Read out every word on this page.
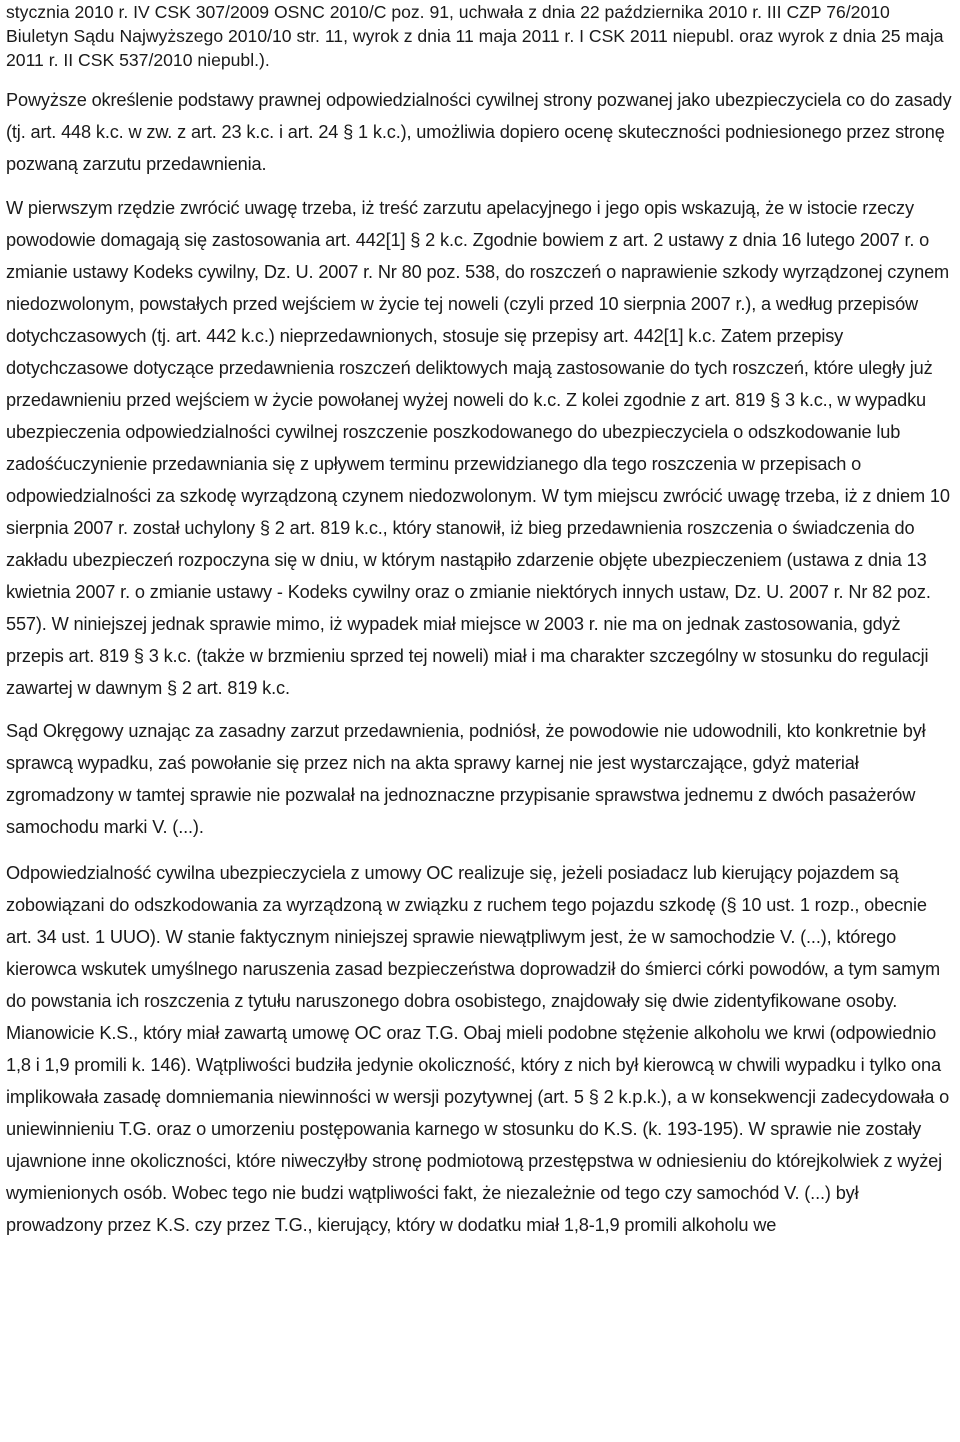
stycznia 2010 r. IV CSK 307/2009 OSNC 2010/C poz. 91, uchwała z dnia 22 października 2010 r. III CZP 76/2010 Biuletyn Sądu Najwyższego 2010/10 str. 11, wyrok z dnia 11 maja 2011 r. I CSK 2011 niepubl. oraz wyrok z dnia 25 maja 2011 r. II CSK 537/2010 niepubl.).

Powyższe określenie podstawy prawnej odpowiedzialności cywilnej strony pozwanej jako ubezpieczyciela co do zasady (tj. art. 448 k.c. w zw. z art. 23 k.c. i art. 24 § 1 k.c.), umożliwia dopiero ocenę skuteczności podniesionego przez stronę pozwaną zarzutu przedawnienia.

W pierwszym rzędzie zwrócić uwagę trzeba, iż treść zarzutu apelacyjnego i jego opis wskazują, że w istocie rzeczy powodowie domagają się zastosowania art. 442[1] § 2 k.c. Zgodnie bowiem z art. 2 ustawy z dnia 16 lutego 2007 r. o zmianie ustawy Kodeks cywilny, Dz. U. 2007 r. Nr 80 poz. 538, do roszczeń o naprawienie szkody wyrządzonej czynem niedozwolonym, powstałych przed wejściem w życie tej noweli (czyli przed 10 sierpnia 2007 r.), a według przepisów dotychczasowych (tj. art. 442 k.c.) nieprzedawnionych, stosuje się przepisy art. 442[1] k.c. Zatem przepisy dotychczasowe dotyczące przedawnienia roszczeń deliktowych mają zastosowanie do tych roszczeń, które uległy już przedawnieniu przed wejściem w życie powołanej wyżej noweli do k.c. Z kolei zgodnie z art. 819 § 3 k.c., w wypadku ubezpieczenia odpowiedzialności cywilnej roszczenie poszkodowanego do ubezpieczyciela o odszkodowanie lub zadośćuczynienie przedawniania się z upływem terminu przewidzianego dla tego roszczenia w przepisach o odpowiedzialności za szkodę wyrządzoną czynem niedozwolonym. W tym miejscu zwrócić uwagę trzeba, iż z dniem 10 sierpnia 2007 r. został uchylony § 2 art. 819 k.c., który stanowił, iż bieg przedawnienia roszczenia o świadczenia do zakładu ubezpieczeń rozpoczyna się w dniu, w którym nastąpiło zdarzenie objęte ubezpieczeniem (ustawa z dnia 13 kwietnia 2007 r. o zmianie ustawy - Kodeks cywilny oraz o zmianie niektórych innych ustaw, Dz. U. 2007 r. Nr 82 poz. 557). W niniejszej jednak sprawie mimo, iż wypadek miał miejsce w 2003 r. nie ma on jednak zastosowania, gdyż przepis art. 819 § 3 k.c. (także w brzmieniu sprzed tej noweli) miał i ma charakter szczególny w stosunku do regulacji zawartej w dawnym § 2 art. 819 k.c.

Sąd Okręgowy uznając za zasadny zarzut przedawnienia, podniósł, że powodowie nie udowodnili, kto konkretnie był sprawcą wypadku, zaś powołanie się przez nich na akta sprawy karnej nie jest wystarczające, gdyż materiał zgromadzony w tamtej sprawie nie pozwalał na jednoznaczne przypisanie sprawstwa jednemu z dwóch pasażerów samochodu marki V. (...).

Odpowiedzialność cywilna ubezpieczyciela z umowy OC realizuje się, jeżeli posiadacz lub kierujący pojazdem są zobowiązani do odszkodowania za wyrządzoną w związku z ruchem tego pojazdu szkodę (§ 10 ust. 1 rozp., obecnie art. 34 ust. 1 UUO). W stanie faktycznym niniejszej sprawie niewątpliwym jest, że w samochodzie V. (...), którego kierowca wskutek umyślnego naruszenia zasad bezpieczeństwa doprowadził do śmierci córki powodów, a tym samym do powstania ich roszczenia z tytułu naruszonego dobra osobistego, znajdowały się dwie zidentyfikowane osoby. Mianowicie K.S., który miał zawartą umowę OC oraz T.G. Obaj mieli podobne stężenie alkoholu we krwi (odpowiednio 1,8 i 1,9 promili k. 146). Wątpliwości budziła jedynie okoliczność, który z nich był kierowcą w chwili wypadku i tylko ona implikowała zasadę domniemania niewinności w wersji pozytywnej (art. 5 § 2 k.p.k.), a w konsekwencji zadecydowała o uniewinnieniu T.G. oraz o umorzeniu postępowania karnego w stosunku do K.S. (k. 193-195). W sprawie nie zostały ujawnione inne okoliczności, które niweczyłby stronę podmiotową przestępstwa w odniesieniu do którejkolwiek z wyżej wymienionych osób. Wobec tego nie budzi wątpliwości fakt, że niezależnie od tego czy samochód V. (...) był prowadzony przez K.S. czy przez T.G., kierujący, który w dodatku miał 1,8-1,9 promili alkoholu we
